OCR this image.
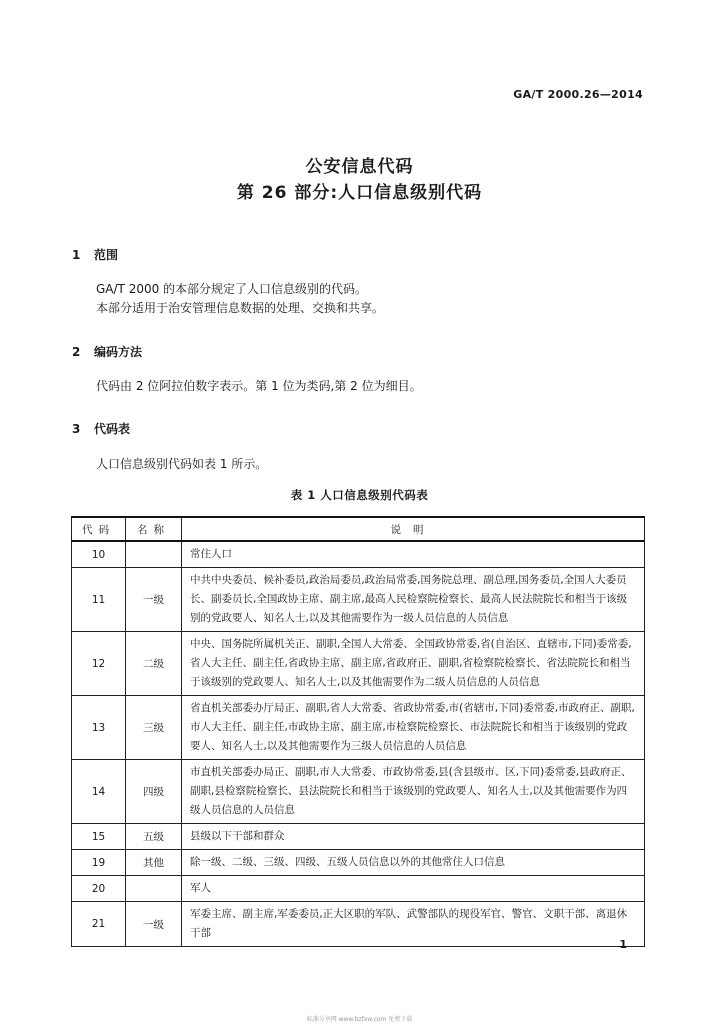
GA/T 2000.26—2014
公安信息代码
第 26 部分:人口信息级别代码
1 范围
GA/T 2000 的本部分规定了人口信息级别的代码。
本部分适用于治安管理信息数据的处理、交换和共享。
2 编码方法
代码由 2 位阿拉伯数字表示。第 1 位为类码,第 2 位为细目。
3 代码表
人口信息级别代码如表 1 所示。
表 1 人口信息级别代码表
代码	名称	说明
10		常住人口
11	一级	中共中央委员、候补委员,政治局委员,政治局常委,国务院总理、副总理,国务委员,全国人大委员长、副委员长,全国政协主席、副主席,最高人民检察院检察长、最高人民法院院长和相当于该级别的党政要人、知名人士,以及其他需要作为一级人员信息的人员信息
12	二级	中央、国务院所属机关正、副职,全国人大常委、全国政协常委,省(自治区、直辖市,下同)委常委,省人大主任、副主任,省政协主席、副主席,省政府正、副职,省检察院检察长、省法院院长和相当于该级别的党政要人、知名人士,以及其他需要作为二级人员信息的人员信息
13	三级	省直机关部委办厅局正、副职,省人大常委、省政协常委,市(省辖市,下同)委常委,市政府正、副职,市人大主任、副主任,市政协主席、副主席,市检察院检察长、市法院院长和相当于该级别的党政要人、知名人士,以及其他需要作为三级人员信息的人员信息
14	四级	市直机关部委办局正、副职,市人大常委、市政协常委,县(含县级市、区,下同)委常委,县政府正、副职,县检察院检察长、县法院院长和相当于该级别的党政要人、知名人士,以及其他需要作为四级人员信息的人员信息
15	五级	县级以下干部和群众
19	其他	除一级、二级、三级、四级、五级人员信息以外的其他常住人口信息
20		军人
21	一级	军委主席、副主席,军委委员,正大区职的军队、武警部队的现役军官、警官、文职干部、离退休干部
1
标准分享网 www.bzfxw.com 免费下载
